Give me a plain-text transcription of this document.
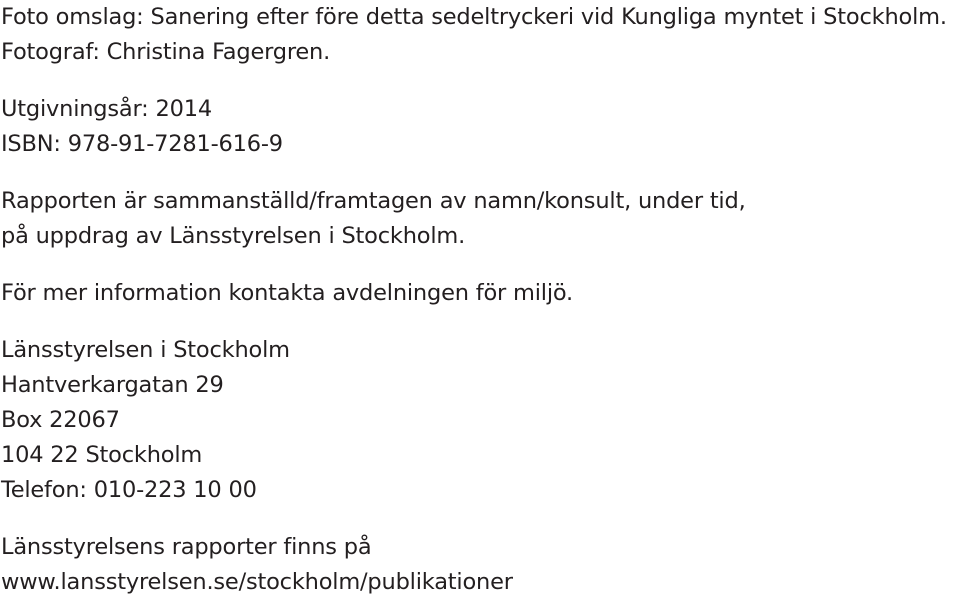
Foto omslag: Sanering efter före detta sedeltryckeri vid Kungliga myntet i Stockholm.
Fotograf: Christina Fagergren.
Utgivningsår: 2014
ISBN: 978-91-7281-616-9
Rapporten är sammanställd/framtagen av namn/konsult, under tid,
på uppdrag av Länsstyrelsen i Stockholm.
För mer information kontakta avdelningen för miljö.
Länsstyrelsen i Stockholm
Hantverkargatan 29
Box 22067
104 22 Stockholm
Telefon: 010-223 10 00
Länsstyrelsens rapporter finns på
www.lansstyrelsen.se/stockholm/publikationer
